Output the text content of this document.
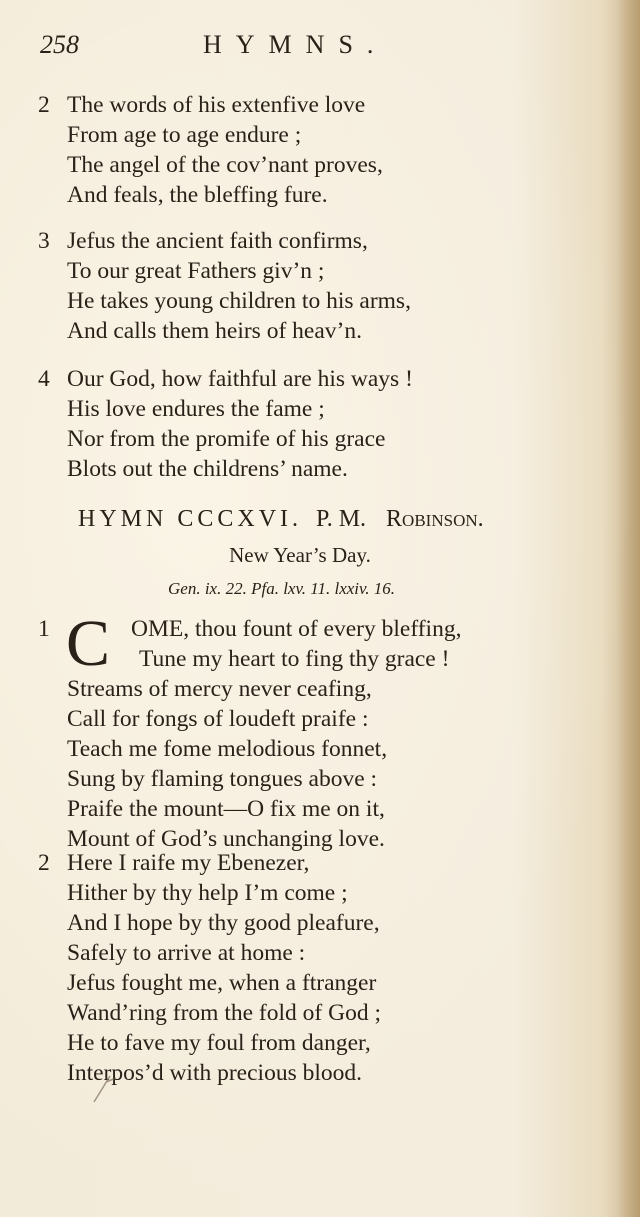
258	HYMNS.
2 The words of his extenfive love
From age to age endure ;
The angel of the cov’nant proves,
And feals, the bleffing fure.
3 Jefus the ancient faith confirms,
To our great Fathers giv’n ;
He takes young children to his arms,
And calls them heirs of heav’n.
4 Our God, how faithful are his ways !
His love endures the fame ;
Nor from the promife of his grace
Blots out the childrens’ name.
HYMN CCCXVI. P. M. Robinson.
New Year’s Day.
Gen. ix. 22. Pfa. lxv. 11. lxxiv. 16.
C
1	OME, thou fount of every bleffing,
Tune my heart to fing thy grace !
Streams of mercy never ceafing,
Call for fongs of loudeft praife :
Teach me fome melodious fonnet,
Sung by flaming tongues above :
Praife the mount—O fix me on it,
Mount of God’s unchanging love.
2 Here I raife my Ebenezer,
Hither by thy help I’m come ;
And I hope by thy good pleafure,
Safely to arrive at home :
Jefus fought me, when a ftranger
Wand’ring from the fold of God ;
He to fave my foul from danger,
Interpos’d with precious blood.
